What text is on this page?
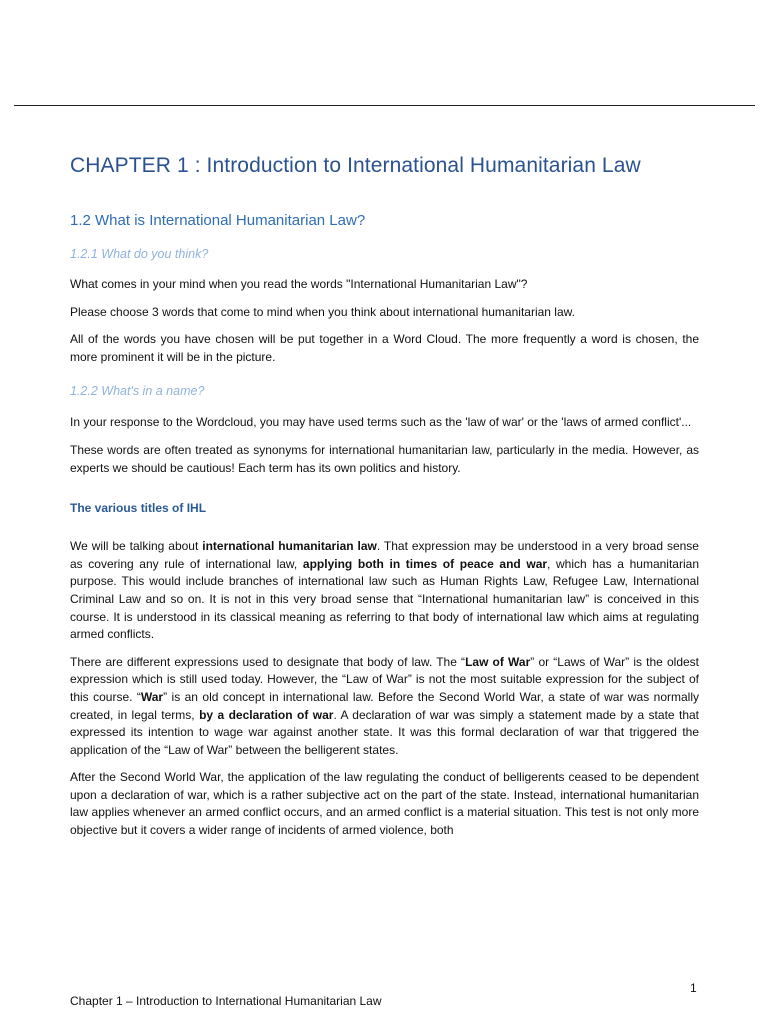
CHAPTER 1 : Introduction to International Humanitarian Law
1.2 What is International Humanitarian Law?
1.2.1 What do you think?

What comes in your mind when you read the words "International Humanitarian Law"?

Please choose 3 words that come to mind when you think about international humanitarian law.

All of the words you have chosen will be put together in a Word Cloud. The more frequently a word is chosen, the more prominent it will be in the picture.

1.2.2 What's in a name?

In your response to the Wordcloud, you may have used terms such as the 'law of war' or the 'laws of armed conflict'...

These words are often treated as synonyms for international humanitarian law, particularly in the media. However, as experts we should be cautious! Each term has its own politics and history.

The various titles of IHL

We will be talking about international humanitarian law. That expression may be understood in a very broad sense as covering any rule of international law, applying both in times of peace and war, which has a humanitarian purpose. This would include branches of international law such as Human Rights Law, Refugee Law, International Criminal Law and so on. It is not in this very broad sense that “International humanitarian law” is conceived in this course. It is understood in its classical meaning as referring to that body of international law which aims at regulating armed conflicts.

There are different expressions used to designate that body of law. The “Law of War” or “Laws of War” is the oldest expression which is still used today. However, the “Law of War” is not the most suitable expression for the subject of this course. “War” is an old concept in international law. Before the Second World War, a state of war was normally created, in legal terms, by a declaration of war. A declaration of war was simply a statement made by a state that expressed its intention to wage war against another state. It was this formal declaration of war that triggered the application of the “Law of War” between the belligerent states.

After the Second World War, the application of the law regulating the conduct of belligerents ceased to be dependent upon a declaration of war, which is a rather subjective act on the part of the state. Instead, international humanitarian law applies whenever an armed conflict occurs, and an armed conflict is a material situation. This test is not only more objective but it covers a wider range of incidents of armed violence, both

1
Chapter 1 – Introduction to International Humanitarian Law
